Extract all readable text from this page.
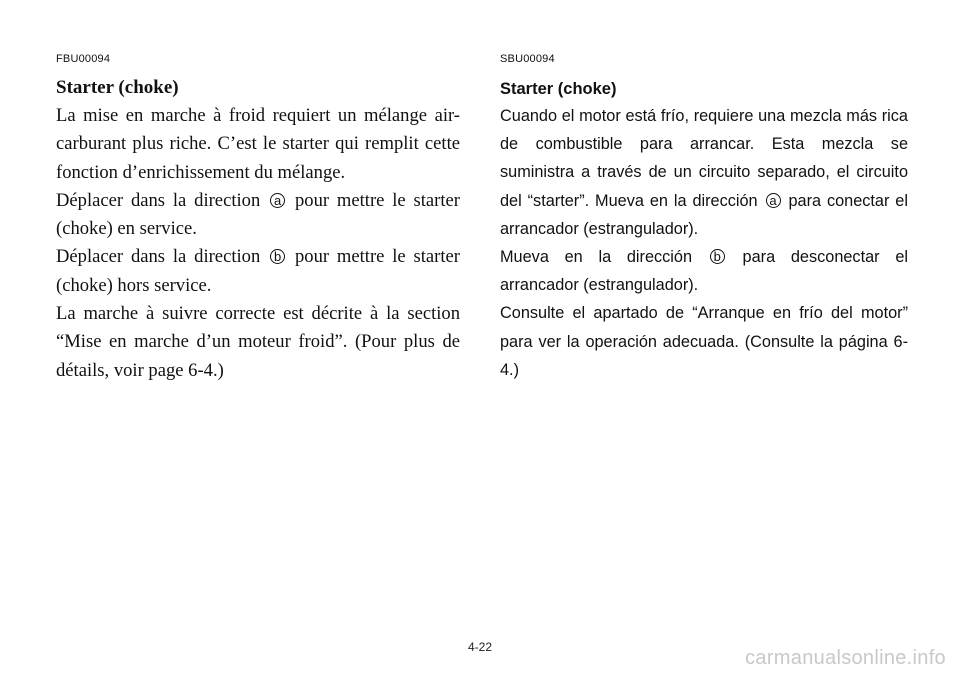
FBU00094
Starter (choke)

La mise en marche à froid requiert un mélange air-carburant plus riche. C’est le starter qui remplit cette fonction d’enrichissement du mélange.

Déplacer dans la direction a pour mettre le starter (choke) en service.

Déplacer dans la direction b pour mettre le starter (choke) hors service.

La marche à suivre correcte est décrite à la section “Mise en marche d’un moteur froid”. (Pour plus de détails, voir page 6-4.)

SBU00094
Starter (choke)

Cuando el motor está frío, requiere una mezcla más rica de combustible para arrancar. Esta mezcla se suministra a través de un circuito separado, el circuito del “starter”. Mueva en la dirección a para conectar el arrancador (estrangulador).

Mueva en la dirección b para desconectar el arrancador (estrangulador).

Consulte el apartado de “Arranque en frío del motor” para ver la operación adecuada. (Consulte la página 6-4.)

4-22	carmanualsonline.info
